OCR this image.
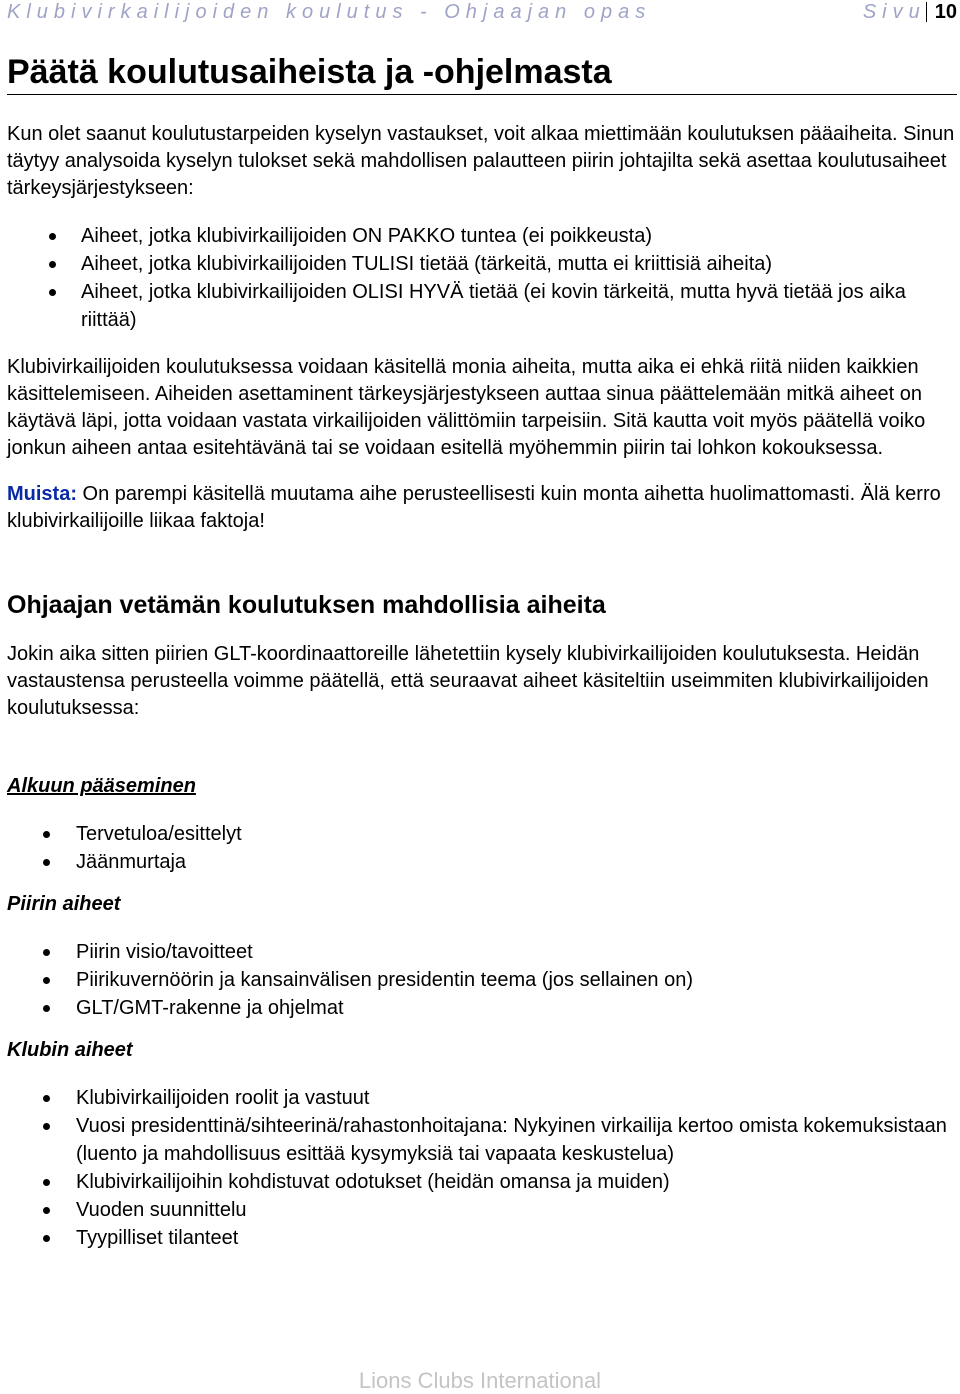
Klubivirkailijoiden koulutus - Ohjaajan opas	Sivu 10
Päätä koulutusaiheista ja -ohjelmasta

Kun olet saanut koulutustarpeiden kyselyn vastaukset, voit alkaa miettimään koulutuksen pääaiheita. Sinun täytyy analysoida kyselyn tulokset sekä mahdollisen palautteen piirin johtajilta sekä asettaa koulutusaiheet tärkeysjärjestykseen:

Aiheet, jotka klubivirkailijoiden ON PAKKO tuntea (ei poikkeusta)
Aiheet, jotka klubivirkailijoiden TULISI tietää (tärkeitä, mutta ei kriittisiä aiheita)
Aiheet, jotka klubivirkailijoiden OLISI HYVÄ tietää (ei kovin tärkeitä, mutta hyvä tietää jos aika riittää)

Klubivirkailijoiden koulutuksessa voidaan käsitellä monia aiheita, mutta aika ei ehkä riitä niiden kaikkien käsittelemiseen. Aiheiden asettaminent tärkeysjärjestykseen auttaa sinua päättelemään mitkä aiheet on käytävä läpi, jotta voidaan vastata virkailijoiden välittömiin tarpeisiin. Sitä kautta voit myös päätellä voiko jonkun aiheen antaa esitehtävänä tai se voidaan esitellä myöhemmin piirin tai lohkon kokouksessa.

Muista: On parempi käsitellä muutama aihe perusteellisesti kuin monta aihetta huolimattomasti. Älä kerro klubivirkailijoille liikaa faktoja!

Ohjaajan vetämän koulutuksen mahdollisia aiheita

Jokin aika sitten piirien GLT-koordinaattoreille lähetettiin kysely klubivirkailijoiden koulutuksesta. Heidän vastaustensa perusteella voimme päätellä, että seuraavat aiheet käsiteltiin useimmiten klubivirkailijoiden koulutuksessa:

Alkuun pääseminen
Tervetuloa/esittelyt
Jäänmurtaja
Piirin aiheet
Piirin visio/tavoitteet
Piirikuvernöörin ja kansainvälisen presidentin teema (jos sellainen on)
GLT/GMT-rakenne ja ohjelmat
Klubin aiheet
Klubivirkailijoiden roolit ja vastuut
Vuosi presidenttinä/sihteerinä/rahastonhoitajana: Nykyinen virkailija kertoo omista kokemuksistaan (luento ja mahdollisuus esittää kysymyksiä tai vapaata keskustelua)
Klubivirkailijoihin kohdistuvat odotukset (heidän omansa ja muiden)
Vuoden suunnittelu
Tyypilliset tilanteet
Lions Clubs International
